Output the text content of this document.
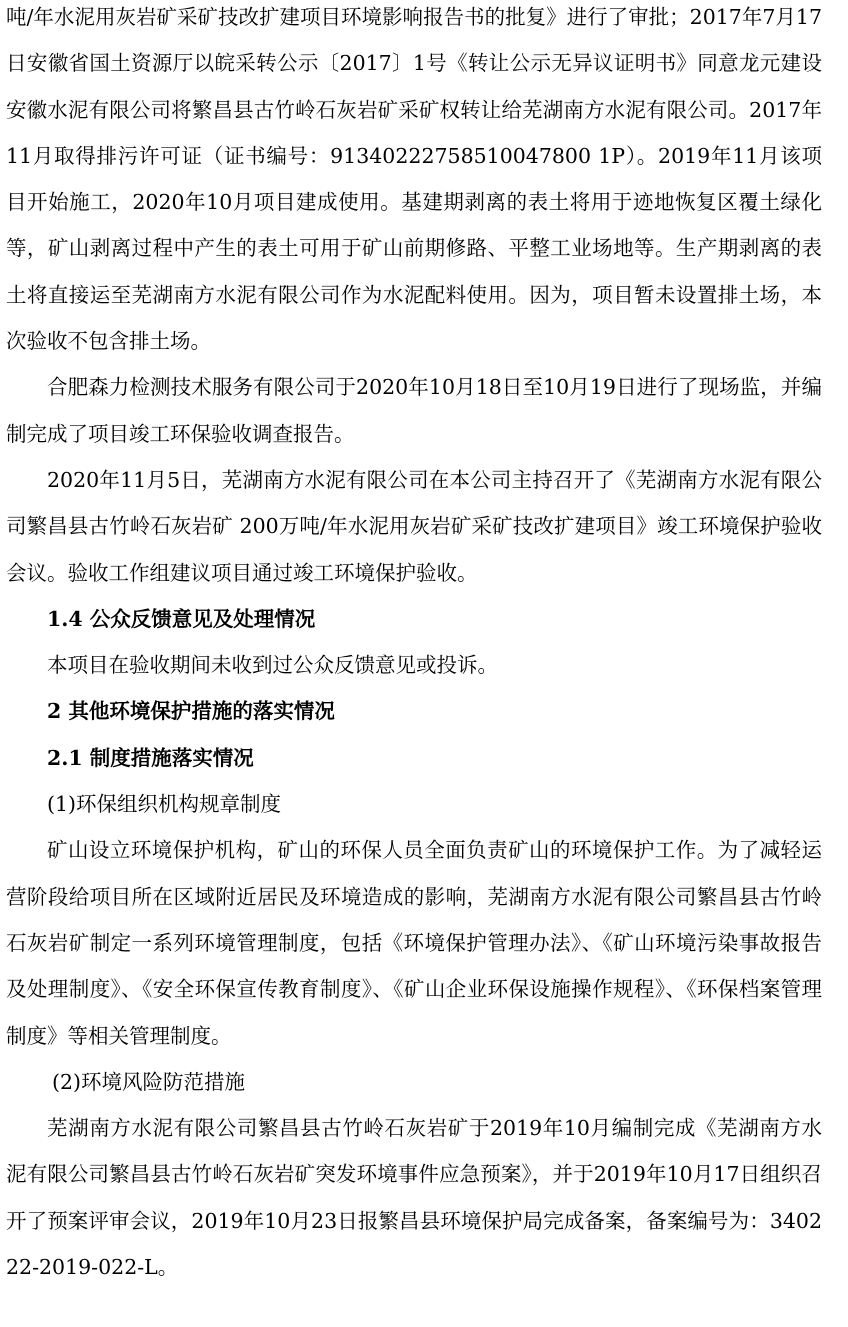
吨/年水泥用灰岩矿采矿技改扩建项目环境影响报告书的批复》进行了审批；2017年7月17日安徽省国土资源厅以皖采转公示〔2017〕1号《转让公示无异议证明书》同意龙元建设安徽水泥有限公司将繁昌县古竹岭石灰岩矿采矿权转让给芜湖南方水泥有限公司。2017年11月取得排污许可证（证书编号：91340222758510047800 1P）。2019年11月该项目开始施工，2020年10月项目建成使用。基建期剥离的表土将用于迹地恢复区覆土绿化等，矿山剥离过程中产生的表土可用于矿山前期修路、平整工业场地等。生产期剥离的表土将直接运至芜湖南方水泥有限公司作为水泥配料使用。因为，项目暂未设置排土场，本次验收不包含排土场。

合肥森力检测技术服务有限公司于2020年10月18日至10月19日进行了现场监，并编制完成了项目竣工环保验收调查报告。

2020年11月5日，芜湖南方水泥有限公司在本公司主持召开了《芜湖南方水泥有限公司繁昌县古竹岭石灰岩矿 200万吨/年水泥用灰岩矿采矿技改扩建项目》竣工环境保护验收会议。验收工作组建议项目通过竣工环境保护验收。

1.4 公众反馈意见及处理情况

本项目在验收期间未收到过公众反馈意见或投诉。

2 其他环境保护措施的落实情况

2.1 制度措施落实情况

(1)环保组织机构规章制度

矿山设立环境保护机构，矿山的环保人员全面负责矿山的环境保护工作。为了减轻运营阶段给项目所在区域附近居民及环境造成的影响，芜湖南方水泥有限公司繁昌县古竹岭石灰岩矿制定一系列环境管理制度，包括《环境保护管理办法》、《矿山环境污染事故报告及处理制度》、《安全环保宣传教育制度》、《矿山企业环保设施操作规程》、《环保档案管理制度》等相关管理制度。

(2)环境风险防范措施

芜湖南方水泥有限公司繁昌县古竹岭石灰岩矿于2019年10月编制完成《芜湖南方水泥有限公司繁昌县古竹岭石灰岩矿突发环境事件应急预案》，并于2019年10月17日组织召开了预案评审会议，2019年10月23日报繁昌县环境保护局完成备案，备案编号为：340222-2019-022-L。
